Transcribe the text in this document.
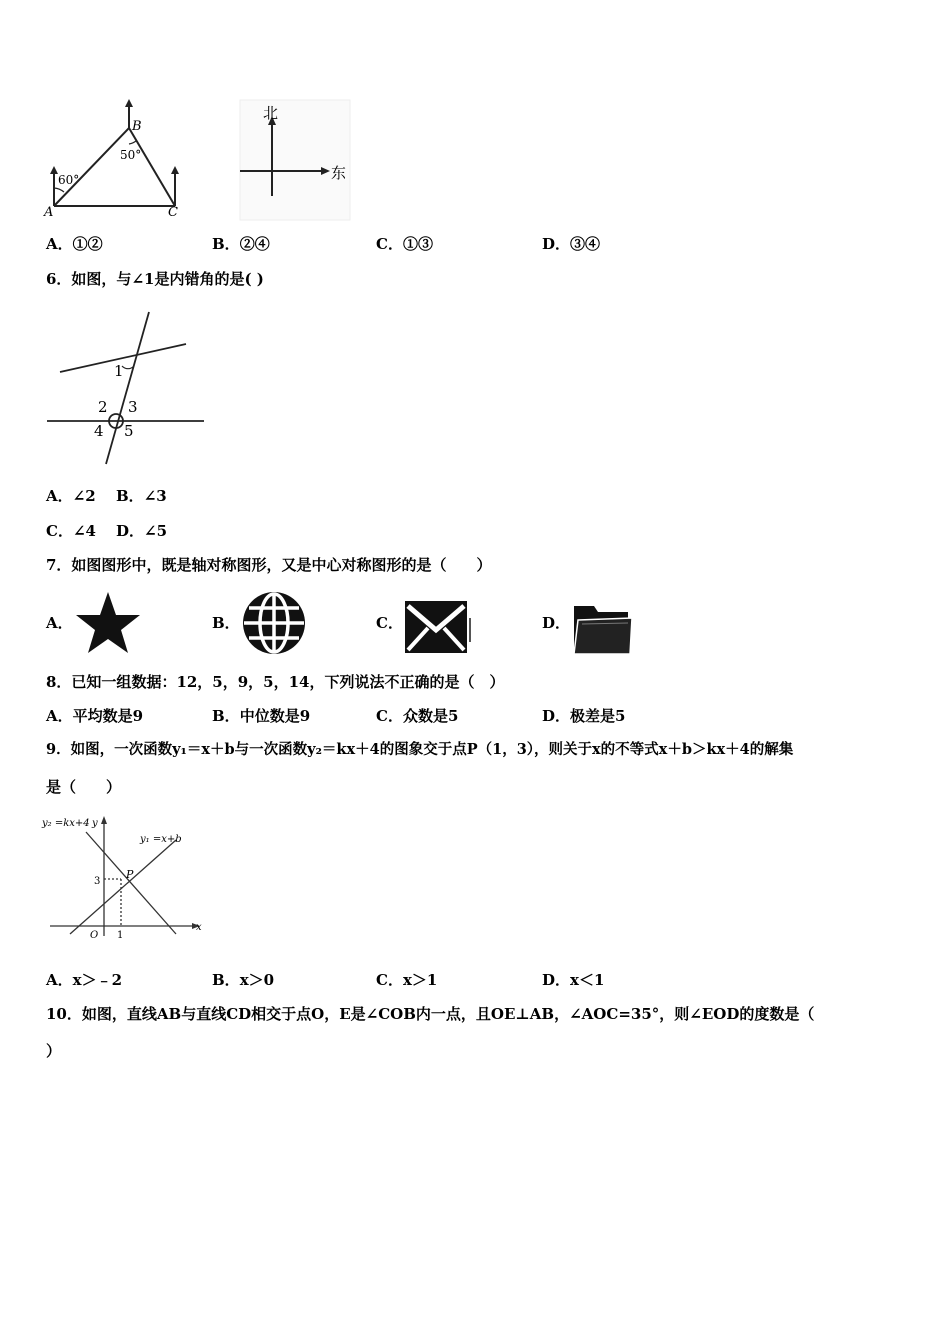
A
B
C
60°
50°
北
东
A．①②	B．②④	C．①③	D．③④
6．如图，与∠1是内错角的是( )
1
2 3
4 5
A．∠2 B．∠3
C．∠4 D．∠5
7．如图图形中，既是轴对称图形，又是中心对称图形的是（　　）
A．	B．	C．	D．
8．已知一组数据：12，5，9，5，14，下列说法不正确的是（　）
A．平均数是9	B．中位数是9	C．众数是5	D．极差是5
9．如图，一次函数y₁＝x＋b与一次函数y₂＝kx＋4的图象交于点P（1，3），则关于x的不等式x＋b＞kx＋4的解集
是（　　）
y₂ =kx+4 y
y₁ =x+b
P
3
O 1
x
A．x＞﹣2	B．x＞0	C．x＞1	D．x＜1
10．如图，直线AB与直线CD相交于点O，E是∠COB内一点，且OE⊥AB，∠AOC=35°，则∠EOD的度数是（
）
